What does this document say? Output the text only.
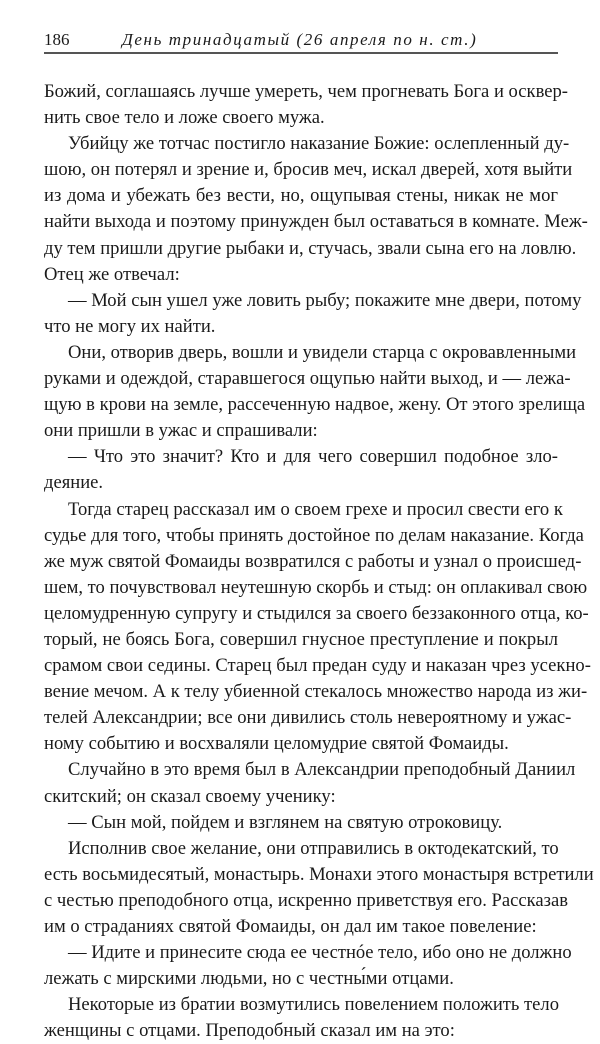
186	День тринадцатый (26 апреля по н. ст.)
Божий, соглашаясь лучше умереть, чем прогневать Бога и осквер-
нить свое тело и ложе своего мужа.
Убийцу же тотчас постигло наказание Божие: ослепленный ду-
шою, он потерял и зрение и, бросив меч, искал дверей, хотя выйти
из дома и убежать без вести, но, ощупывая стены, никак не мог
найти выхода и поэтому принужден был оставаться в комнате. Меж-
ду тем пришли другие рыбаки и, стучась, звали сына его на ловлю.
Отец же отвечал:
— Мой сын ушел уже ловить рыбу; покажите мне двери, потому
что не могу их найти.
Они, отворив дверь, вошли и увидели старца с окровавленными
руками и одеждой, старавшегося ощупью найти выход, и — лежа-
щую в крови на земле, рассеченную надвое, жену. От этого зрелища
они пришли в ужас и спрашивали:
— Что это значит? Кто и для чего совершил подобное зло-
деяние.
Тогда старец рассказал им о своем грехе и просил свести его к
судье для того, чтобы принять достойное по делам наказание. Когда
же муж святой Фомаиды возвратился с работы и узнал о происшед-
шем, то почувствовал неутешную скорбь и стыд: он оплакивал свою
целомудренную супругу и стыдился за своего беззаконного отца, ко-
торый, не боясь Бога, совершил гнусное преступление и покрыл
срамом свои седины. Старец был предан суду и наказан чрез усекно-
вение мечом. А к телу убиенной стекалось множество народа из жи-
телей Александрии; все они дивились столь невероятному и ужас-
ному событию и восхваляли целомудрие святой Фомаиды.
Случайно в это время был в Александрии преподобный Даниил
скитский; он сказал своему ученику:
— Сын мой, пойдем и взглянем на святую отроковицу.
Исполнив свое желание, они отправились в октодекатский, то
есть восьмидесятый, монастырь. Монахи этого монастыря встретили
с честью преподобного отца, искренно приветствуя его. Рассказав
им о страданиях святой Фомаиды, он дал им такое повеление:
— Идите и принесите сюда ее честнóе тело, ибо оно не должно
лежать с мирскими людьми, но с честны́ми отцами.
Некоторые из братии возмутились повелением положить тело
женщины с отцами. Преподобный сказал им на это:
